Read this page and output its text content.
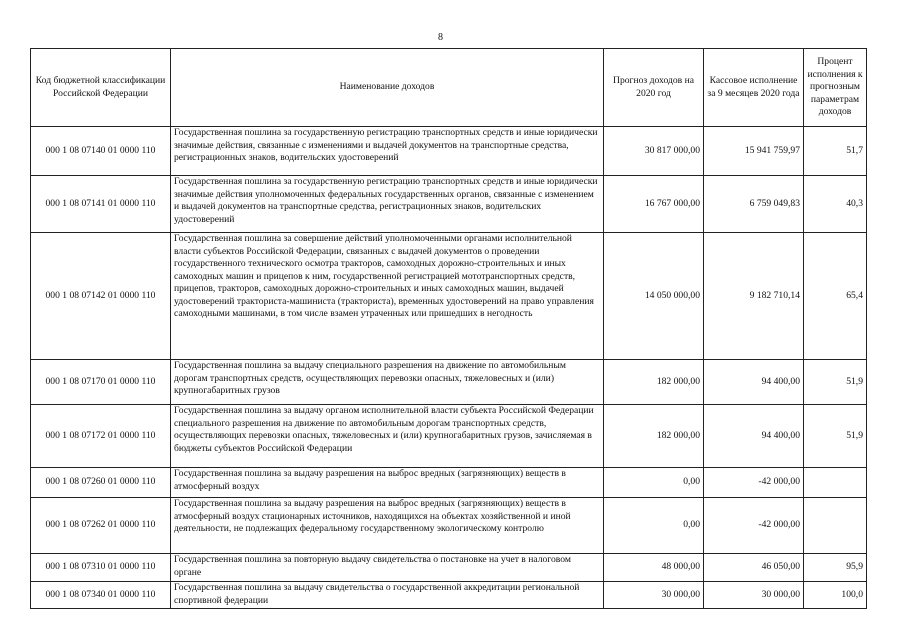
8
Код бюджетной классификации Российской Федерации	Наименование доходов	Прогноз доходов на 2020 год	Кассовое исполнение за 9 месяцев 2020 года	Процент исполнения к прогнозным параметрам доходов
000 1 08 07140 01 0000 110	Государственная пошлина за государственную регистрацию транспортных средств и иные юридически значимые действия, связанные с изменениями и выдачей документов на транспортные средства, регистрационных знаков, водительских удостоверений	30 817 000,00	15 941 759,97	51,7
000 1 08 07141 01 0000 110	Государственная пошлина за государственную регистрацию транспортных средств и иные юридически значимые действия уполномоченных федеральных государственных органов, связанные с изменением и выдачей документов на транспортные средства, регистрационных знаков, водительских удостоверений	16 767 000,00	6 759 049,83	40,3
000 1 08 07142 01 0000 110	Государственная пошлина за совершение действий уполномоченными органами исполнительной власти субъектов Российской Федерации, связанных с выдачей документов о проведении государственного технического осмотра тракторов, самоходных дорожно-строительных и иных самоходных машин и прицепов к ним, государственной регистрацией мототранспортных средств, прицепов, тракторов, самоходных дорожно-строительных и иных самоходных машин, выдачей удостоверений тракториста-машиниста (тракториста), временных удостоверений на право управления самоходными машинами, в том числе взамен утраченных или пришедших в негодность	14 050 000,00	9 182 710,14	65,4
000 1 08 07170 01 0000 110	Государственная пошлина за выдачу специального разрешения на движение по автомобильным дорогам транспортных средств, осуществляющих перевозки опасных, тяжеловесных и (или) крупногабаритных грузов	182 000,00	94 400,00	51,9
000 1 08 07172 01 0000 110	Государственная пошлина за выдачу органом исполнительной власти субъекта Российской Федерации специального разрешения на движение по автомобильным дорогам транспортных средств, осуществляющих перевозки опасных, тяжеловесных и (или) крупногабаритных грузов, зачисляемая в бюджеты субъектов Российской Федерации	182 000,00	94 400,00	51,9
000 1 08 07260 01 0000 110	Государственная пошлина за выдачу разрешения на выброс вредных (загрязняющих) веществ в атмосферный воздух	0,00	-42 000,00	
000 1 08 07262 01 0000 110	Государственная пошлина за выдачу разрешения на выброс вредных (загрязняющих) веществ в атмосферный воздух стационарных источников, находящихся на объектах хозяйственной и иной деятельности, не подлежащих федеральному государственному экологическому контролю	0,00	-42 000,00	
000 1 08 07310 01 0000 110	Государственная пошлина за повторную выдачу свидетельства о постановке на учет в налоговом органе	48 000,00	46 050,00	95,9
000 1 08 07340 01 0000 110	Государственная пошлина за выдачу свидетельства о государственной аккредитации региональной спортивной федерации	30 000,00	30 000,00	100,0
